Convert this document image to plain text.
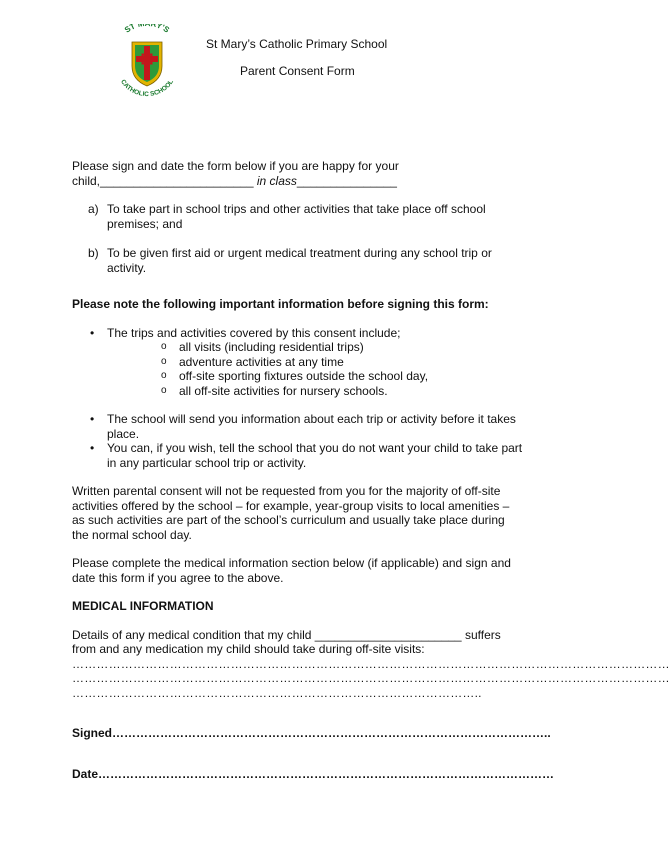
ST M RY'S
CATHOLIC SCHOOL
St Mary’s Catholic Primary School
Parent Consent Form

Please sign and date the form below if you are happy for your
child,_______________________ in class_______________

a) To take part in school trips and other activities that take place off school premises; and
b) To be given first aid or urgent medical treatment during any school trip or activity.

Please note the following important information before signing this form:

• The trips and activities covered by this consent include;
o all visits (including residential trips)
o adventure activities at any time
o off-site sporting fixtures outside the school day,
o all off-site activities for nursery schools.
• The school will send you information about each trip or activity before it takes place.
• You can, if you wish, tell the school that you do not want your child to take part in any particular school trip or activity.

Written parental consent will not be requested from you for the majority of off-site activities offered by the school – for example, year-group visits to local amenities – as such activities are part of the school’s curriculum and usually take place during the normal school day.

Please complete the medical information section below (if applicable) and sign and date this form if you agree to the above.

MEDICAL INFORMATION

Details of any medical condition that my child ______________________ suffers from and any medication my child should take during off-site visits:

…………………………………………………………………………………………………………………………………
…………………………………………………………………………………………………………………………………
………………………………………………………………………………………..

Signed………………………………………………………………………………………………..

Date……………………………………………………………………………………………………
